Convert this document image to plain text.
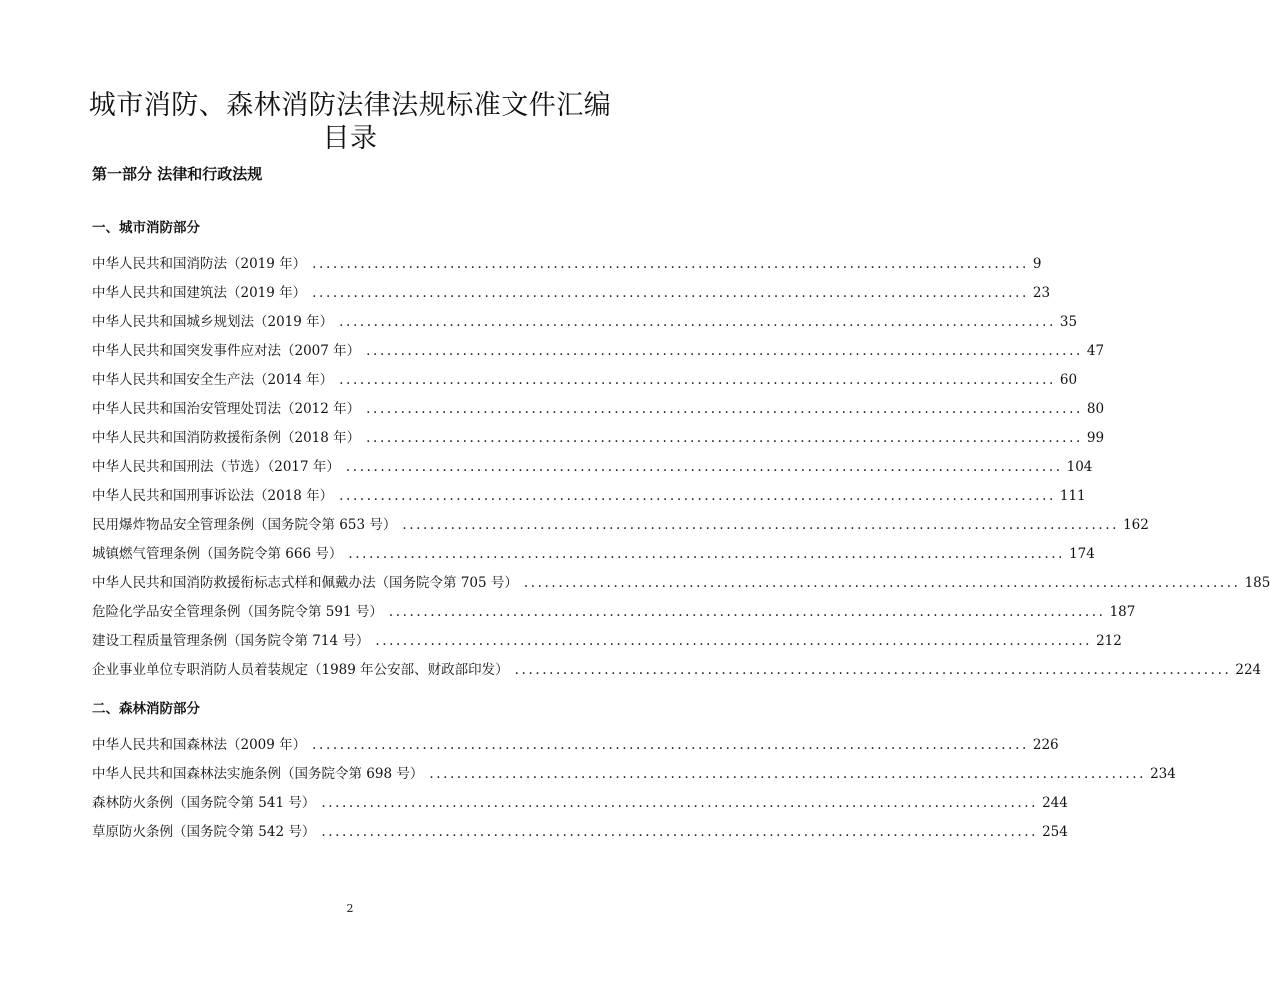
城市消防、森林消防法律法规标准文件汇编
目录
第一部分 法律和行政法规
一、城市消防部分
中华人民共和国消防法（2019 年） ........................................................................................................ 9
中华人民共和国建筑法（2019 年） ........................................................................................................ 23
中华人民共和国城乡规划法（2019 年） ........................................................................................................ 35
中华人民共和国突发事件应对法（2007 年） ........................................................................................................ 47
中华人民共和国安全生产法（2014 年） ........................................................................................................ 60
中华人民共和国治安管理处罚法（2012 年） ........................................................................................................ 80
中华人民共和国消防救援衔条例（2018 年） ........................................................................................................ 99
中华人民共和国刑法（节选）（2017 年） ........................................................................................................ 104
中华人民共和国刑事诉讼法（2018 年） ........................................................................................................ 111
民用爆炸物品安全管理条例（国务院令第 653 号） ........................................................................................................ 162
城镇燃气管理条例（国务院令第 666 号） ........................................................................................................ 174
中华人民共和国消防救援衔标志式样和佩戴办法（国务院令第 705 号） ........................................................................................................ 185
危险化学品安全管理条例（国务院令第 591 号） ........................................................................................................ 187
建设工程质量管理条例（国务院令第 714 号） ........................................................................................................ 212
企业事业单位专职消防人员着装规定（1989 年公安部、财政部印发） ........................................................................................................ 224
二、森林消防部分
中华人民共和国森林法（2009 年） ........................................................................................................ 226
中华人民共和国森林法实施条例（国务院令第 698 号） ........................................................................................................ 234
森林防火条例（国务院令第 541 号） ........................................................................................................ 244
草原防火条例（国务院令第 542 号） ........................................................................................................ 254
2
